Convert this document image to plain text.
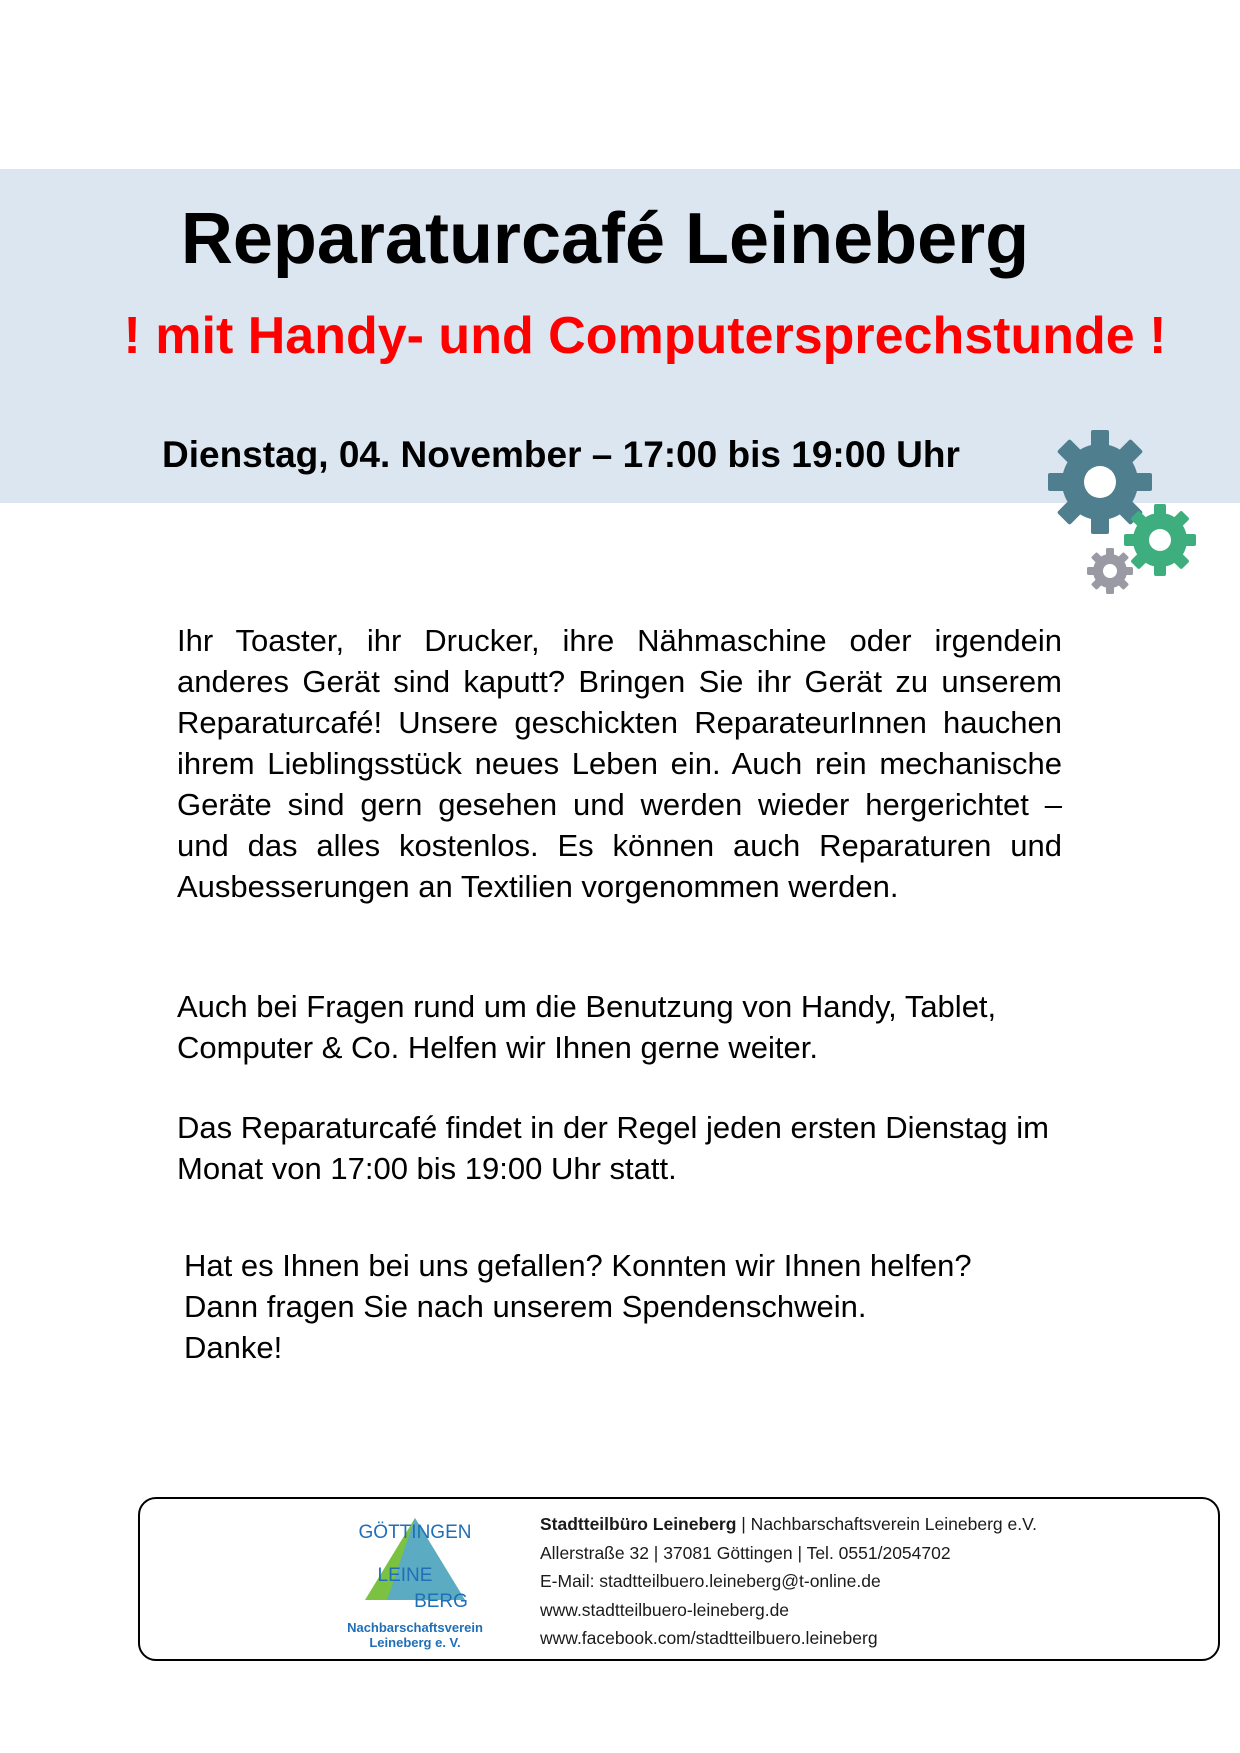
Reparaturcafé Leineberg
! mit Handy- und Computersprechstunde !

Dienstag, 04. November – 17:00 bis 19:00 Uhr

Ihr Toaster, ihr Drucker, ihre Nähmaschine oder irgendein anderes Gerät sind kaputt? Bringen Sie ihr Gerät zu unserem Reparaturcafé! Unsere geschickten ReparateurInnen hauchen ihrem Lieblingsstück neues Leben ein. Auch rein mechanische Geräte sind gern gesehen und werden wieder hergerichtet – und das alles kostenlos. Es können auch Reparaturen und Ausbesserungen an Textilien vorgenommen werden.

Auch bei Fragen rund um die Benutzung von Handy, Tablet, Computer & Co. Helfen wir Ihnen gerne weiter.

Das Reparaturcafé findet in der Regel jeden ersten Dienstag im Monat von 17:00 bis 19:00 Uhr statt.

Hat es Ihnen bei uns gefallen? Konnten wir Ihnen helfen?
Dann fragen Sie nach unserem Spendenschwein.
Danke!

GÖTTINGEN
LEINE
BERG
Nachbarschaftsverein
Leineberg e. V.
Stadtteilbüro Leineberg | Nachbarschaftsverein Leineberg e.V.
Allerstraße 32 | 37081 Göttingen | Tel. 0551/2054702
E-Mail: stadtteilbuero.leineberg@t-online.de
www.stadtteilbuero-leineberg.de
www.facebook.com/stadtteilbuero.leineberg
